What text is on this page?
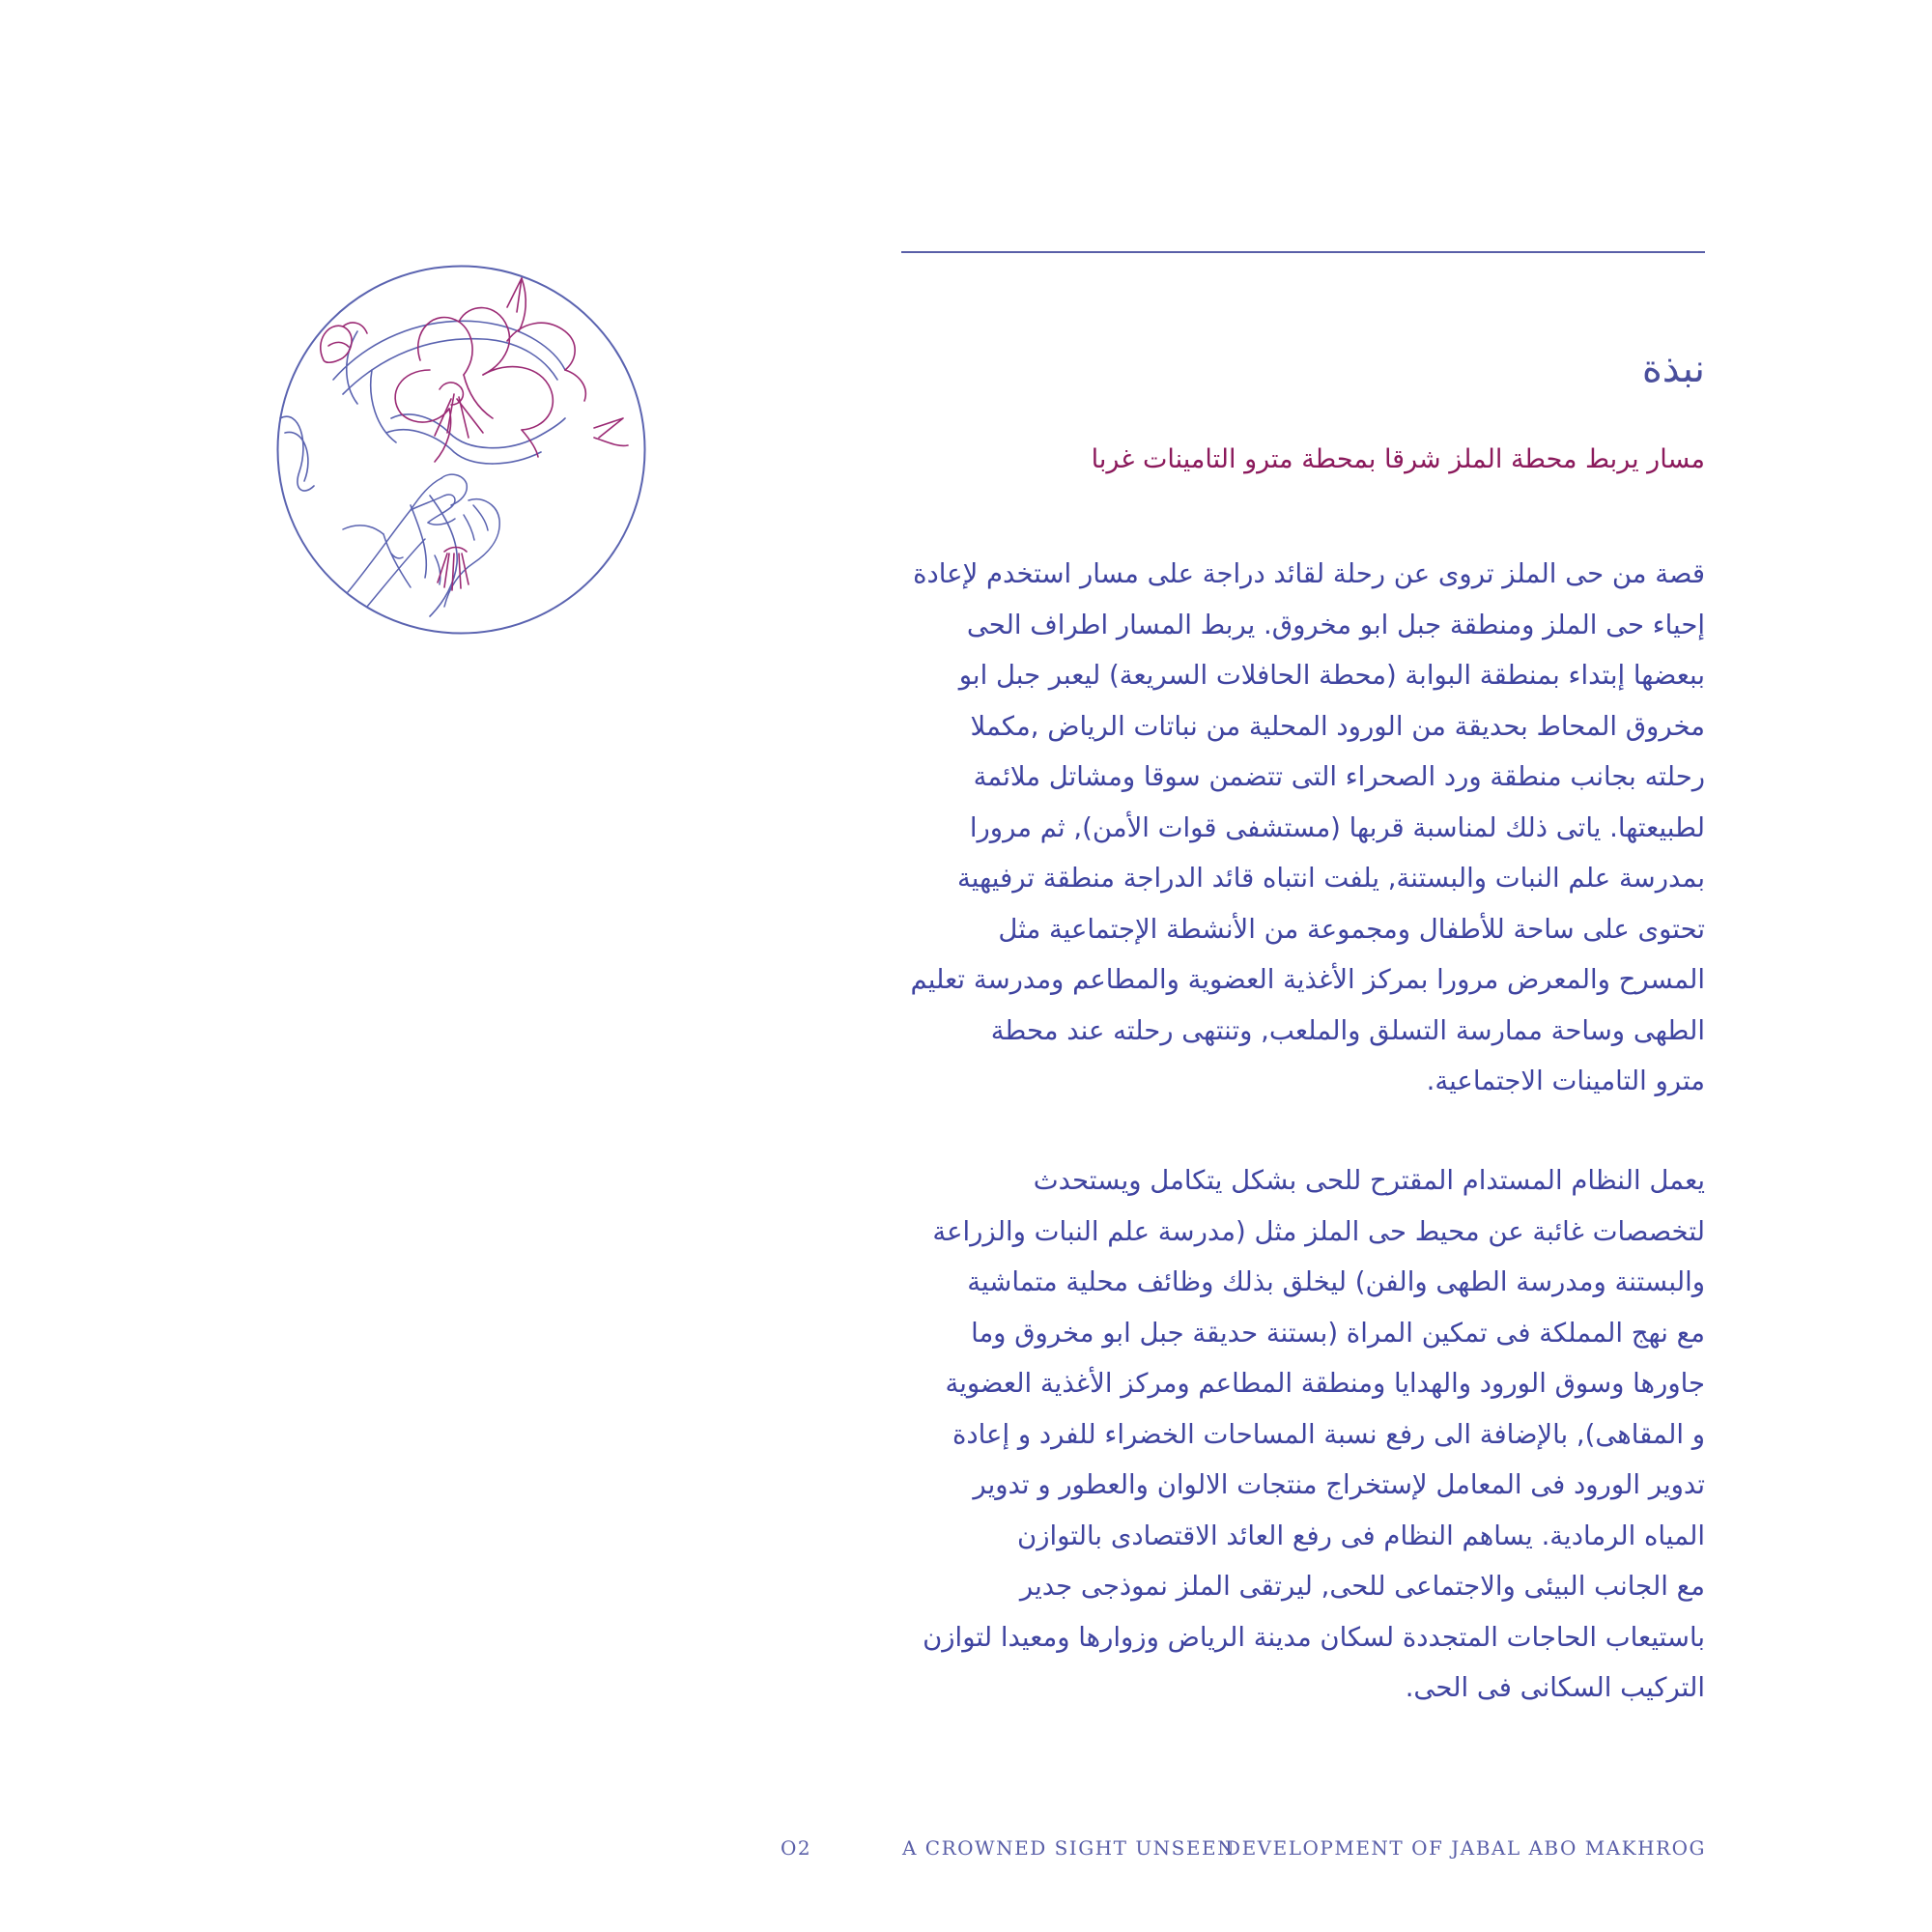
نبذة

مسار يربط محطة الملز شرقا بمحطة مترو التامينات غربا

قصة من حى الملز تروى عن رحلة لقائد دراجة على مسار استخدم لإعادة
إحياء حى الملز ومنطقة جبل ابو مخروق. يربط المسار اطراف الحى
ببعضها إبتداء بمنطقة البوابة (محطة الحافلات السريعة) ليعبر جبل ابو
مخروق المحاط بحديقة من الورود المحلية من نباتات الرياض ,مكملا
رحلته بجانب منطقة ورد الصحراء التى تتضمن سوقا ومشاتل ملائمة
لطبيعتها. ياتى ذلك لمناسبة قربها (مستشفى قوات الأمن), ثم مرورا
بمدرسة علم النبات والبستنة, يلفت انتباه قائد الدراجة منطقة ترفيهية
تحتوى على ساحة للأطفال ومجموعة من الأنشطة الإجتماعية مثل
المسرح والمعرض مرورا بمركز الأغذية العضوية والمطاعم ومدرسة تعليم
الطهى وساحة ممارسة التسلق والملعب, وتنتهى رحلته عند محطة
مترو التامينات الاجتماعية.

يعمل النظام المستدام المقترح للحى بشكل يتكامل ويستحدث
لتخصصات غائبة عن محيط حى الملز مثل (مدرسة علم النبات والزراعة
والبستنة ومدرسة الطهى والفن) ليخلق بذلك وظائف محلية متماشية
مع نهج المملكة فى تمكين المراة (بستنة حديقة جبل ابو مخروق وما
جاورها وسوق الورود والهدايا ومنطقة المطاعم ومركز الأغذية العضوية
و المقاهى), بالإضافة الى رفع نسبة المساحات الخضراء للفرد و إعادة
تدوير الورود فى المعامل لإستخراج منتجات الالوان والعطور و تدوير
المياه الرمادية. يساهم النظام فى رفع العائد الاقتصادى بالتوازن
مع الجانب البيئى والاجتماعى للحى, ليرتقى الملز نموذجى جدير
باستيعاب الحاجات المتجددة لسكان مدينة الرياض وزوارها ومعيدا لتوازن
التركيب السكانى فى الحى.

O2	A CROWNED SIGHT UNSEEN
DEVELOPMENT OF JABAL ABO MAKHROG
